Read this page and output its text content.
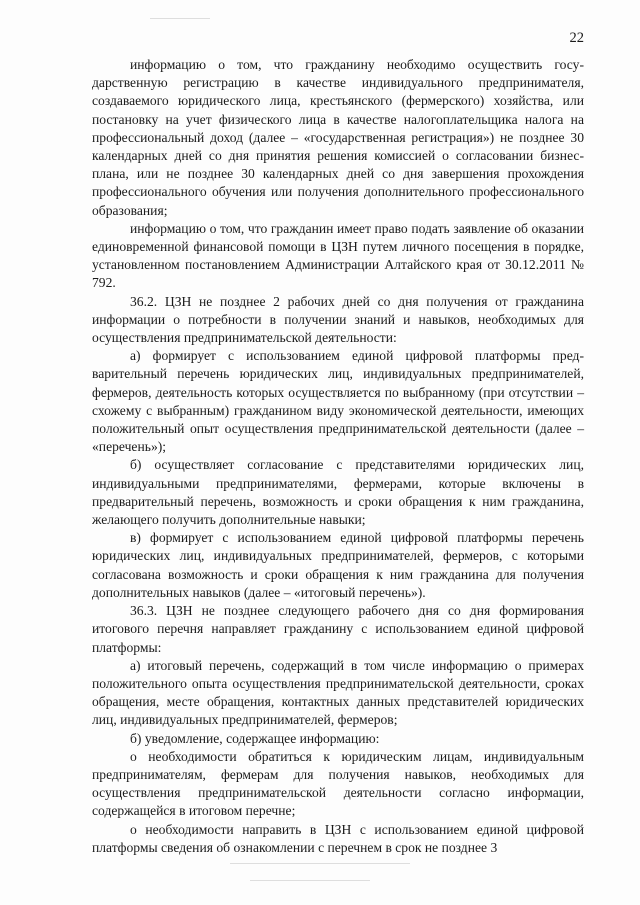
22

информацию о том, что гражданину необходимо осуществить государственную регистрацию в качестве индивидуального предпринимателя, создаваемого юридического лица, крестьянского (фермерского) хозяйства, или постановку на учет физического лица в качестве налогоплательщика налога на профессиональный доход (далее – «государственная регистрация») не позднее 30 календарных дней со дня принятия решения комиссией о согласовании бизнес-плана, или не позднее 30 календарных дней со дня завершения прохождения профессионального обучения или получения дополнительного профессионального образования;

информацию о том, что гражданин имеет право подать заявление об оказании единовременной финансовой помощи в ЦЗН путем личного посещения в порядке, установленном постановлением Администрации Алтайского края от 30.12.2011 № 792.

36.2. ЦЗН не позднее 2 рабочих дней со дня получения от гражданина информации о потребности в получении знаний и навыков, необходимых для осуществления предпринимательской деятельности:

а) формирует с использованием единой цифровой платформы предварительный перечень юридических лиц, индивидуальных предпринимателей, фермеров, деятельность которых осуществляется по выбранному (при отсутствии – схожему с выбранным) гражданином виду экономической деятельности, имеющих положительный опыт осуществления предпринимательской деятельности (далее – «перечень»);

б) осуществляет согласование с представителями юридических лиц, индивидуальными предпринимателями, фермерами, которые включены в предварительный перечень, возможность и сроки обращения к ним гражданина, желающего получить дополнительные навыки;

в) формирует с использованием единой цифровой платформы перечень юридических лиц, индивидуальных предпринимателей, фермеров, с которыми согласована возможность и сроки обращения к ним гражданина для получения дополнительных навыков (далее – «итоговый перечень»).

36.3. ЦЗН не позднее следующего рабочего дня со дня формирования итогового перечня направляет гражданину с использованием единой цифровой платформы:

а) итоговый перечень, содержащий в том числе информацию о примерах положительного опыта осуществления предпринимательской деятельности, сроках обращения, месте обращения, контактных данных представителей юридических лиц, индивидуальных предпринимателей, фермеров;

б) уведомление, содержащее информацию:

о необходимости обратиться к юридическим лицам, индивидуальным предпринимателям, фермерам для получения навыков, необходимых для осуществления предпринимательской деятельности согласно информации, содержащейся в итоговом перечне;

о необходимости направить в ЦЗН с использованием единой цифровой платформы сведения об ознакомлении с перечнем в срок не позднее 3
